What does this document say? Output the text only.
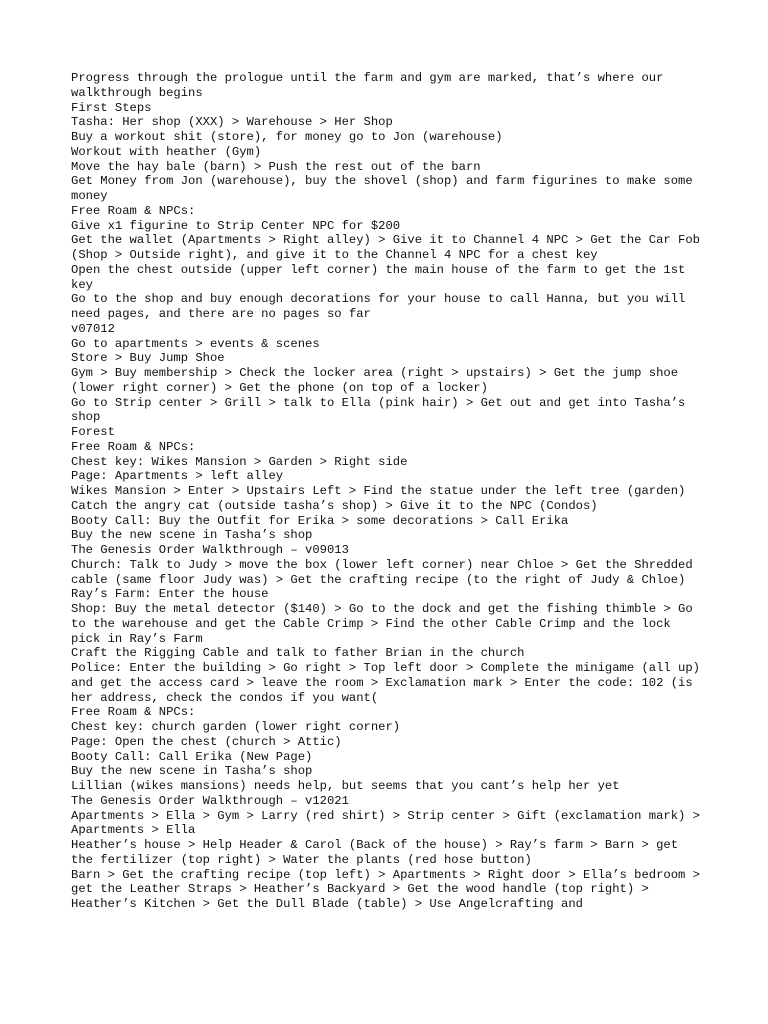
Progress through the prologue until the farm and gym are marked, that’s where our walkthrough begins

First Steps

Tasha: Her shop (XXX) > Warehouse > Her Shop

Buy a workout shit (store), for money go to Jon (warehouse)

Workout with heather (Gym)

Move the hay bale (barn) > Push the rest out of the barn

Get Money from Jon (warehouse), buy the shovel (shop) and farm figurines to make some money

Free Roam & NPCs:

Give x1 figurine to Strip Center NPC for $200

Get the wallet (Apartments > Right alley) > Give it to Channel 4 NPC > Get the Car Fob (Shop > Outside right), and give it to the Channel 4 NPC for a chest key

Open the chest outside (upper left corner) the main house of the farm to get the 1st key

Go to the shop and buy enough decorations for your house to call Hanna, but you will need pages, and there are no pages so far

v07012

Go to apartments > events & scenes

Store > Buy Jump Shoe

Gym > Buy membership > Check the locker area (right > upstairs) > Get the jump shoe (lower right corner) > Get the phone (on top of a locker)

Go to Strip center > Grill > talk to Ella (pink hair) > Get out and get into Tasha’s shop

Forest

Free Roam & NPCs:

Chest key: Wikes Mansion > Garden > Right side

Page: Apartments > left alley

Wikes Mansion > Enter > Upstairs Left > Find the statue under the left tree (garden)

Catch the angry cat (outside tasha’s shop) > Give it to the NPC (Condos)

Booty Call: Buy the Outfit for Erika > some decorations > Call Erika

Buy the new scene in Tasha’s shop

The Genesis Order Walkthrough – v09013

Church: Talk to Judy > move the box (lower left corner) near Chloe > Get the Shredded cable (same floor Judy was) > Get the crafting recipe (to the right of Judy & Chloe)

Ray’s Farm: Enter the house

Shop: Buy the metal detector ($140) > Go to the dock and get the fishing thimble > Go to the warehouse and get the Cable Crimp > Find the other Cable Crimp and the lock pick in Ray’s Farm

Craft the Rigging Cable and talk to father Brian in the church

Police: Enter the building > Go right > Top left door > Complete the minigame (all up) and get the access card > leave the room > Exclamation mark > Enter the code: 102 (is her address, check the condos if you want(

Free Roam & NPCs:

Chest key: church garden (lower right corner)

Page: Open the chest (church > Attic)

Booty Call: Call Erika (New Page)

Buy the new scene in Tasha’s shop

Lillian (wikes mansions) needs help, but seems that you cant’s help her yet

The Genesis Order Walkthrough – v12021

Apartments > Ella > Gym > Larry (red shirt) > Strip center > Gift (exclamation mark) > Apartments > Ella

Heather’s house > Help Header & Carol (Back of the house) > Ray’s farm > Barn > get the fertilizer (top right) > Water the plants (red hose button)

Barn > Get the crafting recipe (top left) > Apartments > Right door > Ella’s bedroom > get the Leather Straps > Heather’s Backyard > Get the wood handle (top right) > Heather’s Kitchen > Get the Dull Blade (table) > Use Angelcrafting and
